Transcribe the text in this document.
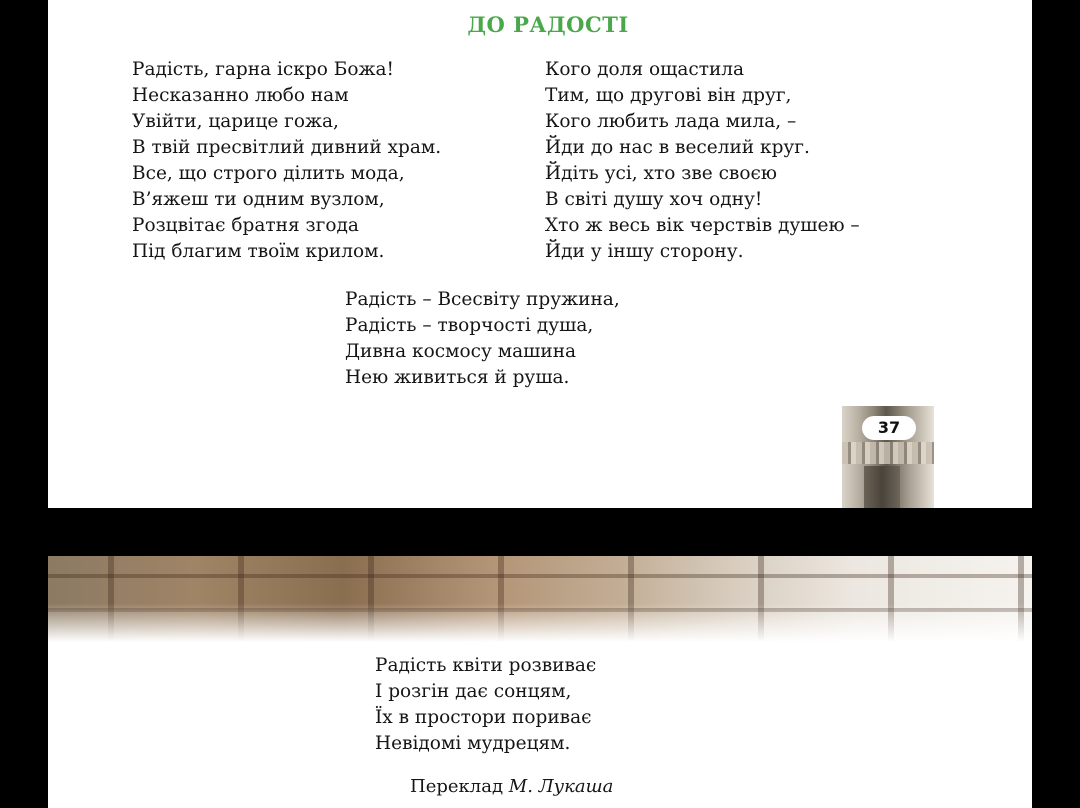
ДО РАДОСТІ
Радість, гарна іскро Божа!
Несказанно любо нам
Увійти, царице гожа,
В твій пресвітлий дивний храм.
Все, що строго ділить мода,
В’яжеш ти одним вузлом,
Розцвітає братня згода
Під благим твоїм крилом.
Кого доля ощастила
Тим, що другові він друг,
Кого любить лада мила, –
Йди до нас в веселий круг.
Йдіть усі, хто зве своєю
В світі душу хоч одну!
Хто ж весь вік черствів душею –
Йди у іншу сторону.
Радість – Всесвіту пружина,
Радість – творчості душа,
Дивна космосу машина
Нею живиться й руша.
37
Радість квіти розвиває
І розгін дає сонцям,
Їх в простори пориває
Невідомі мудрецям.
Переклад М. Лукаша
